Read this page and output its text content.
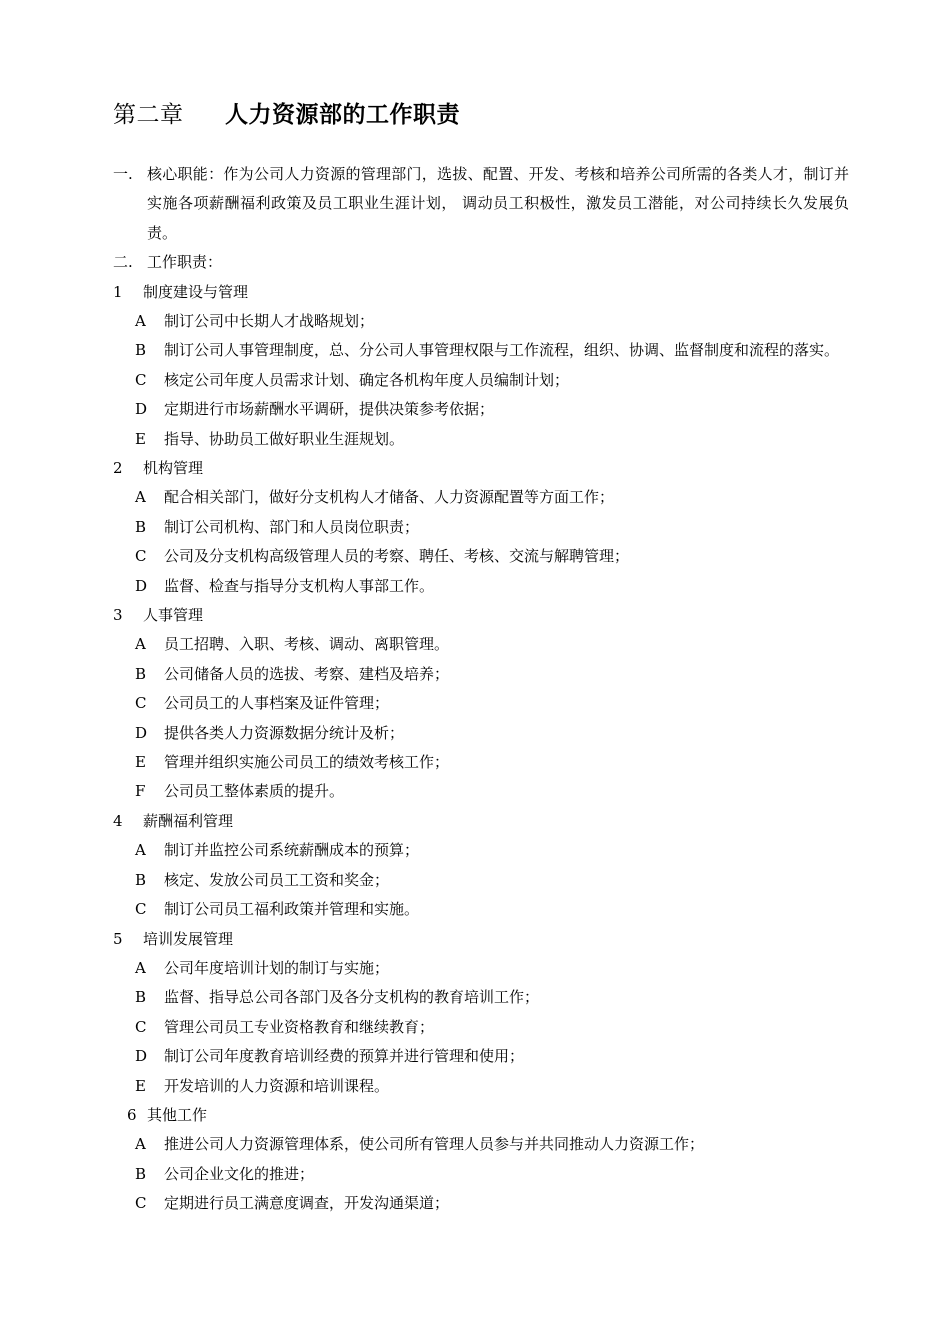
第二章 人力资源部的工作职责
一. 核心职能：作为公司人力资源的管理部门，选拔、配置、开发、考核和培养公司所需的各类人才，制订并实施各项薪酬福利政策及员工职业生涯计划， 调动员工积极性，激发员工潜能，对公司持续长久发展负责。
二. 工作职责：
1 制度建设与管理
A	制订公司中长期人才战略规划；
B	制订公司人事管理制度，总、分公司人事管理权限与工作流程，组织、协调、监督制度和流程的落实。
C	核定公司年度人员需求计划、确定各机构年度人员编制计划；
D	定期进行市场薪酬水平调研，提供决策参考依据；
E	指导、协助员工做好职业生涯规划。
2 机构管理
A	配合相关部门，做好分支机构人才储备、人力资源配置等方面工作；
B	制订公司机构、部门和人员岗位职责；
C	公司及分支机构高级管理人员的考察、聘任、考核、交流与解聘管理；
D	监督、检查与指导分支机构人事部工作。
3 人事管理
A	员工招聘、入职、考核、调动、离职管理。
B	公司储备人员的选拔、考察、建档及培养；
C	公司员工的人事档案及证件管理；
D	提供各类人力资源数据分统计及析；
E	管理并组织实施公司员工的绩效考核工作；
F	公司员工整体素质的提升。
4 薪酬福利管理
A	制订并监控公司系统薪酬成本的预算；
B	核定、发放公司员工工资和奖金；
C	制订公司员工福利政策并管理和实施。
5 培训发展管理
A	公司年度培训计划的制订与实施；
B	监督、指导总公司各部门及各分支机构的教育培训工作；
C	管理公司员工专业资格教育和继续教育；
D	制订公司年度教育培训经费的预算并进行管理和使用；
E	开发培训的人力资源和培训课程。
6 其他工作
A	推进公司人力资源管理体系，使公司所有管理人员参与并共同推动人力资源工作；
B	公司企业文化的推进；
C	定期进行员工满意度调查，开发沟通渠道；
